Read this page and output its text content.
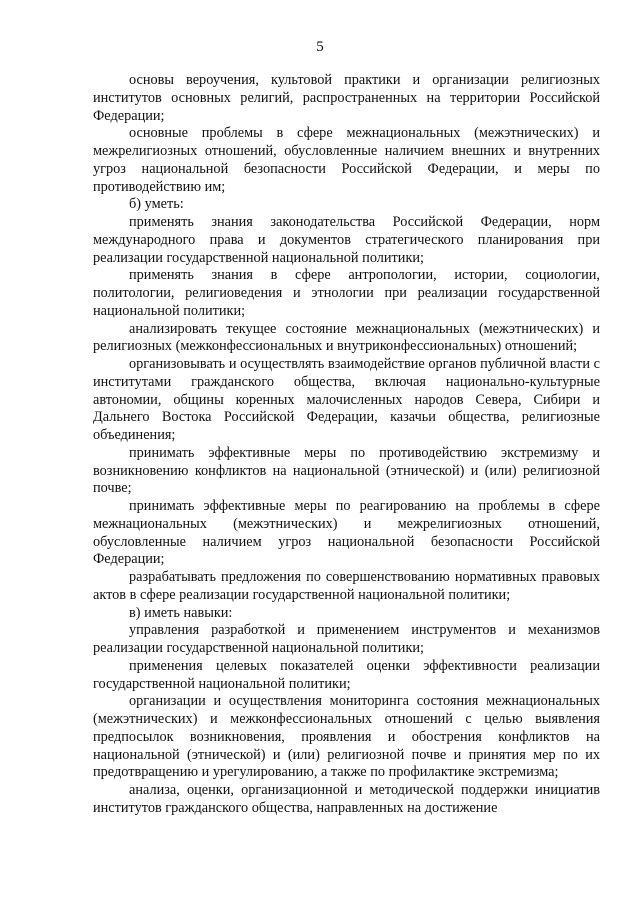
5

основы вероучения, культовой практики и организации религиозных институтов основных религий, распространенных на территории Российской Федерации;

основные проблемы в сфере межнациональных (межэтнических) и межрелигиозных отношений, обусловленные наличием внешних и внутренних угроз национальной безопасности Российской Федерации, и меры по противодействию им;

б) уметь:

применять знания законодательства Российской Федерации, норм международного права и документов стратегического планирования при реализации государственной национальной политики;

применять знания в сфере антропологии, истории, социологии, политологии, религиоведения и этнологии при реализации государственной национальной политики;

анализировать текущее состояние межнациональных (межэтнических) и религиозных (межконфессиональных и внутриконфессиональных) отношений;

организовывать и осуществлять взаимодействие органов публичной власти с институтами гражданского общества, включая национально-культурные автономии, общины коренных малочисленных народов Севера, Сибири и Дальнего Востока Российской Федерации, казачьи общества, религиозные объединения;

принимать эффективные меры по противодействию экстремизму и возникновению конфликтов на национальной (этнической) и (или) религиозной почве;

принимать эффективные меры по реагированию на проблемы в сфере межнациональных (межэтнических) и межрелигиозных отношений, обусловленные наличием угроз национальной безопасности Российской Федерации;

разрабатывать предложения по совершенствованию нормативных правовых актов в сфере реализации государственной национальной политики;

в) иметь навыки:

управления разработкой и применением инструментов и механизмов реализации государственной национальной политики;

применения целевых показателей оценки эффективности реализации государственной национальной политики;

организации и осуществления мониторинга состояния межнациональных (межэтнических) и межконфессиональных отношений с целью выявления предпосылок возникновения, проявления и обострения конфликтов на национальной (этнической) и (или) религиозной почве и принятия мер по их предотвращению и урегулированию, а также по профилактике экстремизма;

анализа, оценки, организационной и методической поддержки инициатив институтов гражданского общества, направленных на достижение
